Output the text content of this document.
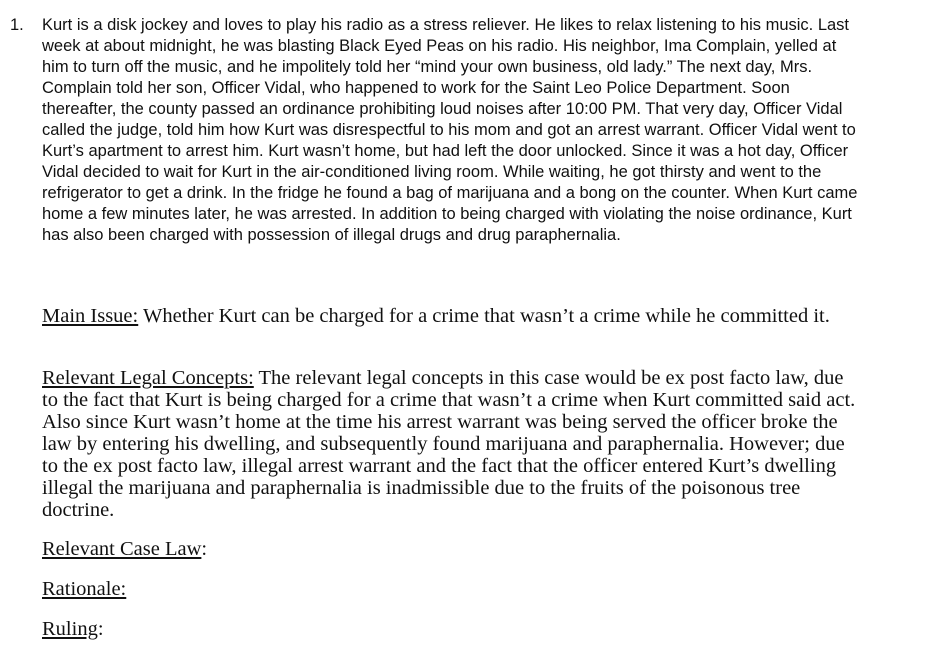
1. Kurt is a disk jockey and loves to play his radio as a stress reliever. He likes to relax listening to his music. Last week at about midnight, he was blasting Black Eyed Peas on his radio. His neighbor, Ima Complain, yelled at him to turn off the music, and he impolitely told her “mind your own business, old lady.” The next day, Mrs. Complain told her son, Officer Vidal, who happened to work for the Saint Leo Police Department. Soon thereafter, the county passed an ordinance prohibiting loud noises after 10:00 PM. That very day, Officer Vidal called the judge, told him how Kurt was disrespectful to his mom and got an arrest warrant. Officer Vidal went to Kurt’s apartment to arrest him. Kurt wasn’t home, but had left the door unlocked. Since it was a hot day, Officer Vidal decided to wait for Kurt in the air-conditioned living room. While waiting, he got thirsty and went to the refrigerator to get a drink. In the fridge he found a bag of marijuana and a bong on the counter. When Kurt came home a few minutes later, he was arrested. In addition to being charged with violating the noise ordinance, Kurt has also been charged with possession of illegal drugs and drug paraphernalia.

Main Issue: Whether Kurt can be charged for a crime that wasn’t a crime while he committed it.

Relevant Legal Concepts: The relevant legal concepts in this case would be ex post facto law, due to the fact that Kurt is being charged for a crime that wasn’t a crime when Kurt committed said act. Also since Kurt wasn’t home at the time his arrest warrant was being served the officer broke the law by entering his dwelling, and subsequently found marijuana and paraphernalia. However; due to the ex post facto law, illegal arrest warrant and the fact that the officer entered Kurt’s dwelling illegal the marijuana and paraphernalia is inadmissible due to the fruits of the poisonous tree doctrine.

Relevant Case Law:

Rationale:

Ruling:
